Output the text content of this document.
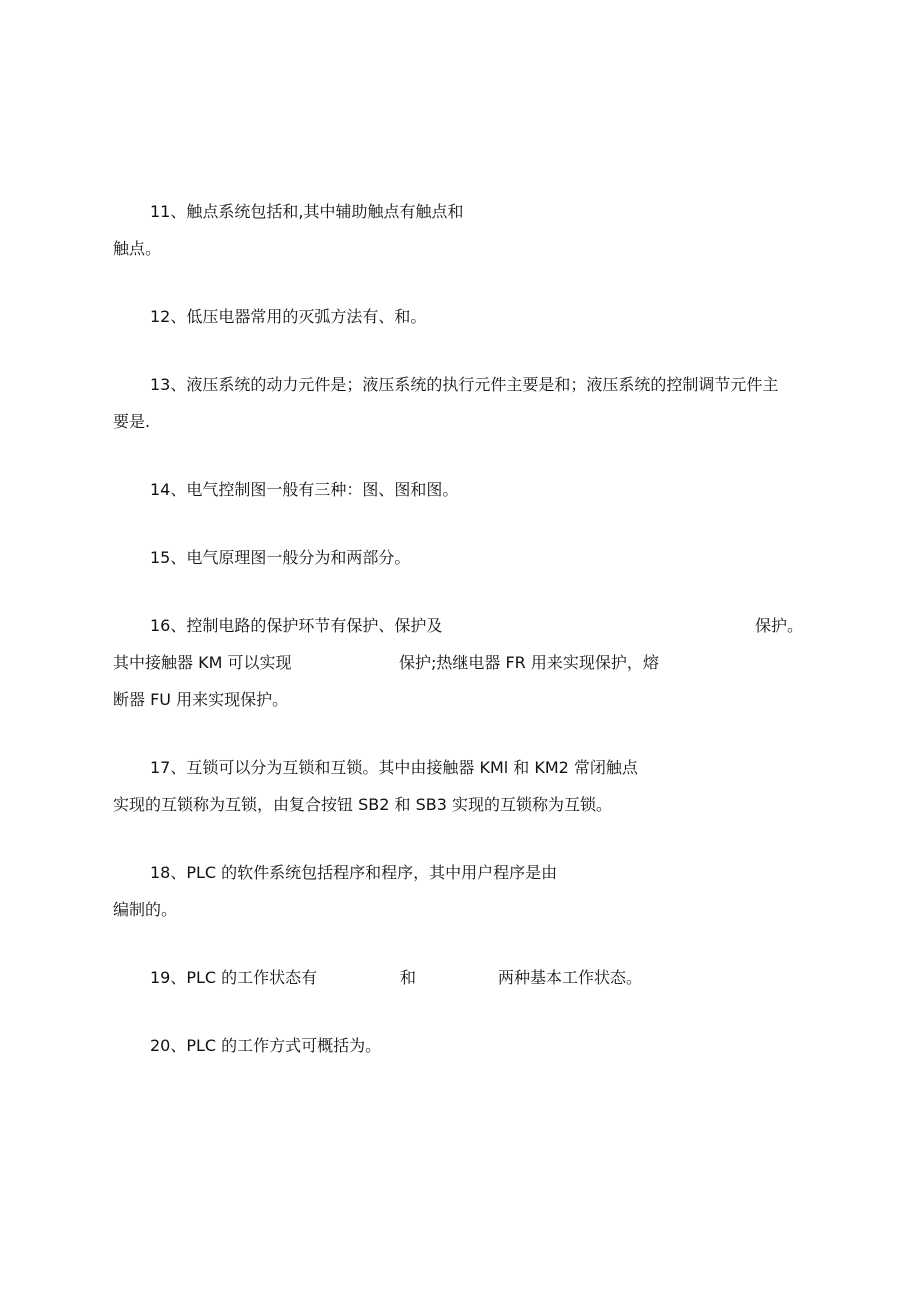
11、触点系统包括和,其中辅助触点有触点和
触点。
12、低压电器常用的灭弧方法有、和。
13、液压系统的动力元件是；液压系统的执行元件主要是和；液压系统的控制调节元件主
要是.
14、电气控制图一般有三种：图、图和图。
15、电气原理图一般分为和两部分。
16、控制电路的保护环节有保护、保护及	保护。
其中接触器 KM 可以实现	保护;热继电器 FR 用来实现保护，熔
断器 FU 用来实现保护。
17、互锁可以分为互锁和互锁。其中由接触器 KMl 和 KM2 常闭触点
实现的互锁称为互锁，由复合按钮 SB2 和 SB3 实现的互锁称为互锁。
18、PLC 的软件系统包括程序和程序，其中用户程序是由
编制的。
19、PLC 的工作状态有	和	两种基本工作状态。
20、PLC 的工作方式可概括为。
